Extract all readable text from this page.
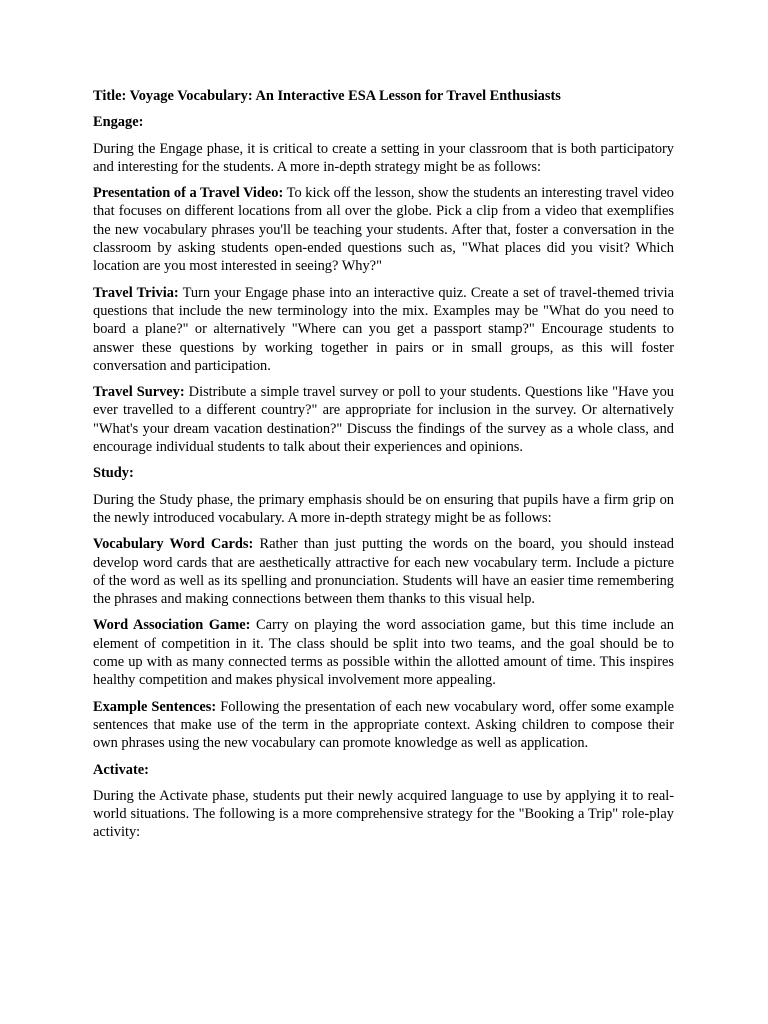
Title: Voyage Vocabulary: An Interactive ESA Lesson for Travel Enthusiasts

Engage:

During the Engage phase, it is critical to create a setting in your classroom that is both participatory and interesting for the students. A more in-depth strategy might be as follows:

Presentation of a Travel Video: To kick off the lesson, show the students an interesting travel video that focuses on different locations from all over the globe. Pick a clip from a video that exemplifies the new vocabulary phrases you'll be teaching your students. After that, foster a conversation in the classroom by asking students open-ended questions such as, "What places did you visit? Which location are you most interested in seeing? Why?"

Travel Trivia: Turn your Engage phase into an interactive quiz. Create a set of travel-themed trivia questions that include the new terminology into the mix. Examples may be "What do you need to board a plane?" or alternatively "Where can you get a passport stamp?" Encourage students to answer these questions by working together in pairs or in small groups, as this will foster conversation and participation.

Travel Survey: Distribute a simple travel survey or poll to your students. Questions like "Have you ever travelled to a different country?" are appropriate for inclusion in the survey. Or alternatively "What's your dream vacation destination?" Discuss the findings of the survey as a whole class, and encourage individual students to talk about their experiences and opinions.

Study:

During the Study phase, the primary emphasis should be on ensuring that pupils have a firm grip on the newly introduced vocabulary. A more in-depth strategy might be as follows:

Vocabulary Word Cards: Rather than just putting the words on the board, you should instead develop word cards that are aesthetically attractive for each new vocabulary term. Include a picture of the word as well as its spelling and pronunciation. Students will have an easier time remembering the phrases and making connections between them thanks to this visual help.

Word Association Game: Carry on playing the word association game, but this time include an element of competition in it. The class should be split into two teams, and the goal should be to come up with as many connected terms as possible within the allotted amount of time. This inspires healthy competition and makes physical involvement more appealing.

Example Sentences: Following the presentation of each new vocabulary word, offer some example sentences that make use of the term in the appropriate context. Asking children to compose their own phrases using the new vocabulary can promote knowledge as well as application.

Activate:

During the Activate phase, students put their newly acquired language to use by applying it to real-world situations. The following is a more comprehensive strategy for the "Booking a Trip" role-play activity:
